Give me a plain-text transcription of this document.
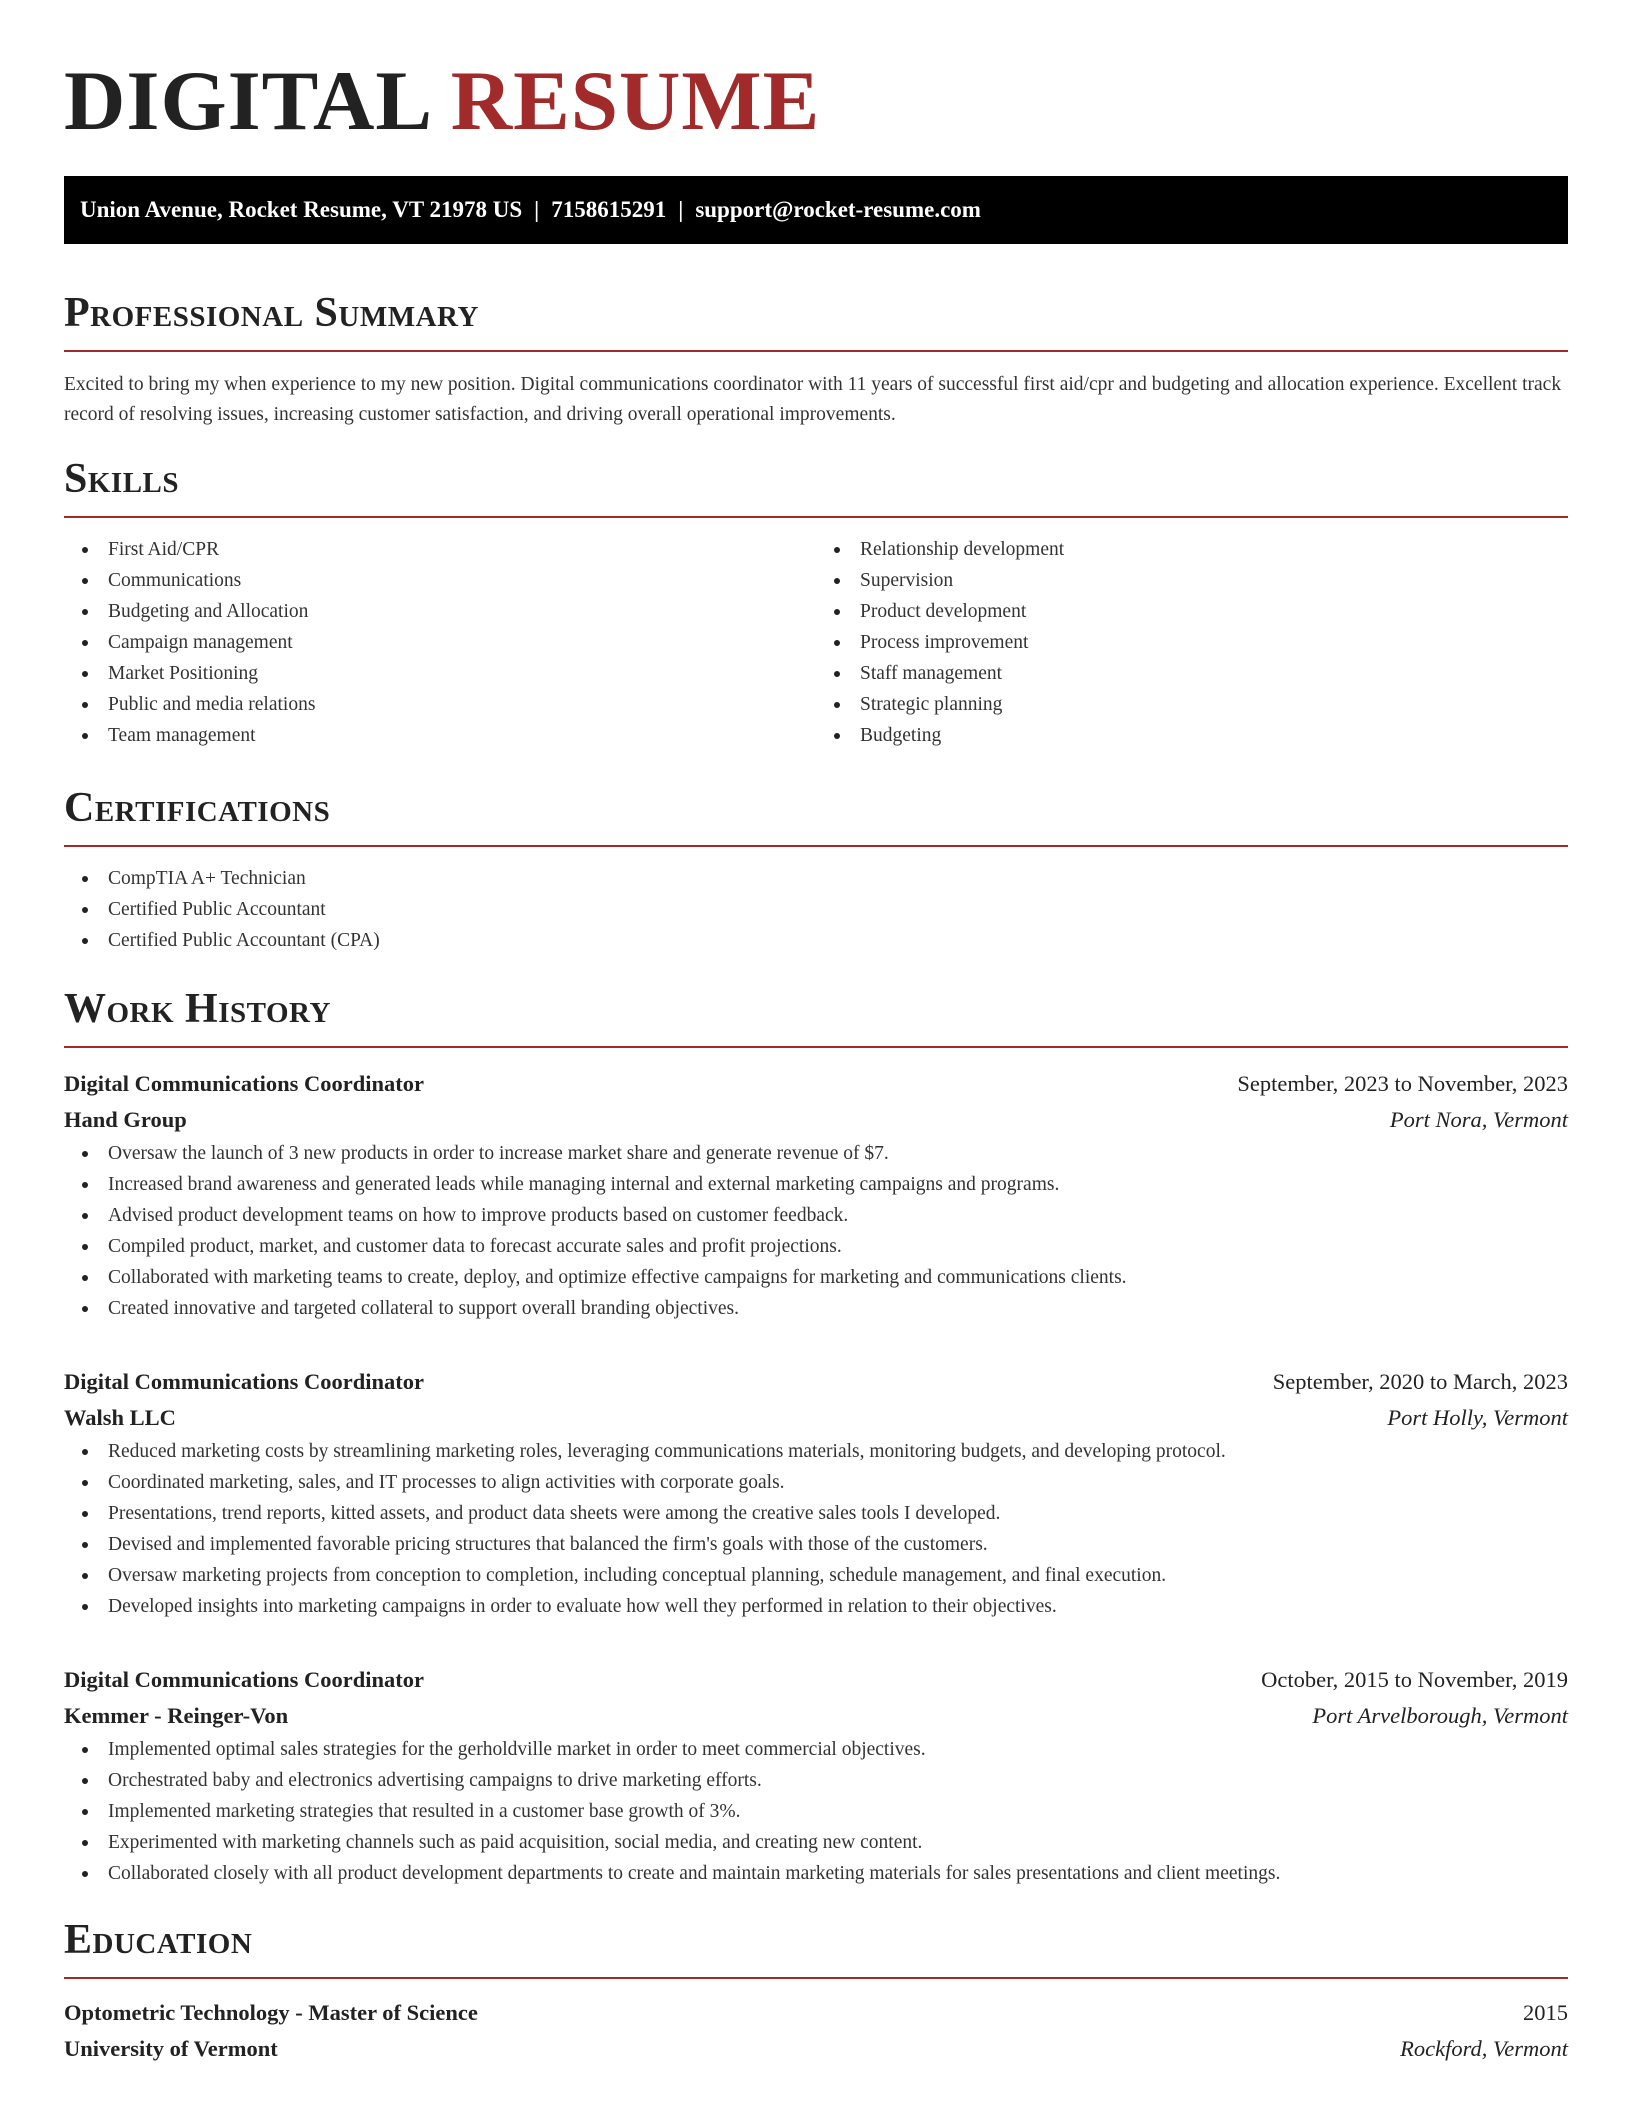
DIGITAL RESUME
Union Avenue, Rocket Resume, VT 21978 US | 7158615291 | support@rocket-resume.com
Professional Summary

Excited to bring my when experience to my new position. Digital communications coordinator with 11 years of successful first aid/cpr and budgeting and allocation experience. Excellent track record of resolving issues, increasing customer satisfaction, and driving overall operational improvements.

Skills
First Aid/CPR
Communications
Budgeting and Allocation
Campaign management
Market Positioning
Public and media relations
Team management
Relationship development
Supervision
Product development
Process improvement
Staff management
Strategic planning
Budgeting
Certifications
CompTIA A+ Technician
Certified Public Accountant
Certified Public Accountant (CPA)
Work History
Digital Communications Coordinator	September, 2023 to November, 2023
Hand Group	Port Nora, Vermont
Oversaw the launch of 3 new products in order to increase market share and generate revenue of $7.
Increased brand awareness and generated leads while managing internal and external marketing campaigns and programs.
Advised product development teams on how to improve products based on customer feedback.
Compiled product, market, and customer data to forecast accurate sales and profit projections.
Collaborated with marketing teams to create, deploy, and optimize effective campaigns for marketing and communications clients.
Created innovative and targeted collateral to support overall branding objectives.
Digital Communications Coordinator	September, 2020 to March, 2023
Walsh LLC	Port Holly, Vermont
Reduced marketing costs by streamlining marketing roles, leveraging communications materials, monitoring budgets, and developing protocol.
Coordinated marketing, sales, and IT processes to align activities with corporate goals.
Presentations, trend reports, kitted assets, and product data sheets were among the creative sales tools I developed.
Devised and implemented favorable pricing structures that balanced the firm's goals with those of the customers.
Oversaw marketing projects from conception to completion, including conceptual planning, schedule management, and final execution.
Developed insights into marketing campaigns in order to evaluate how well they performed in relation to their objectives.
Digital Communications Coordinator	October, 2015 to November, 2019
Kemmer - Reinger-Von	Port Arvelborough, Vermont
Implemented optimal sales strategies for the gerholdville market in order to meet commercial objectives.
Orchestrated baby and electronics advertising campaigns to drive marketing efforts.
Implemented marketing strategies that resulted in a customer base growth of 3%.
Experimented with marketing channels such as paid acquisition, social media, and creating new content.
Collaborated closely with all product development departments to create and maintain marketing materials for sales presentations and client meetings.
Education
Optometric Technology - Master of Science	2015
University of Vermont	Rockford, Vermont
